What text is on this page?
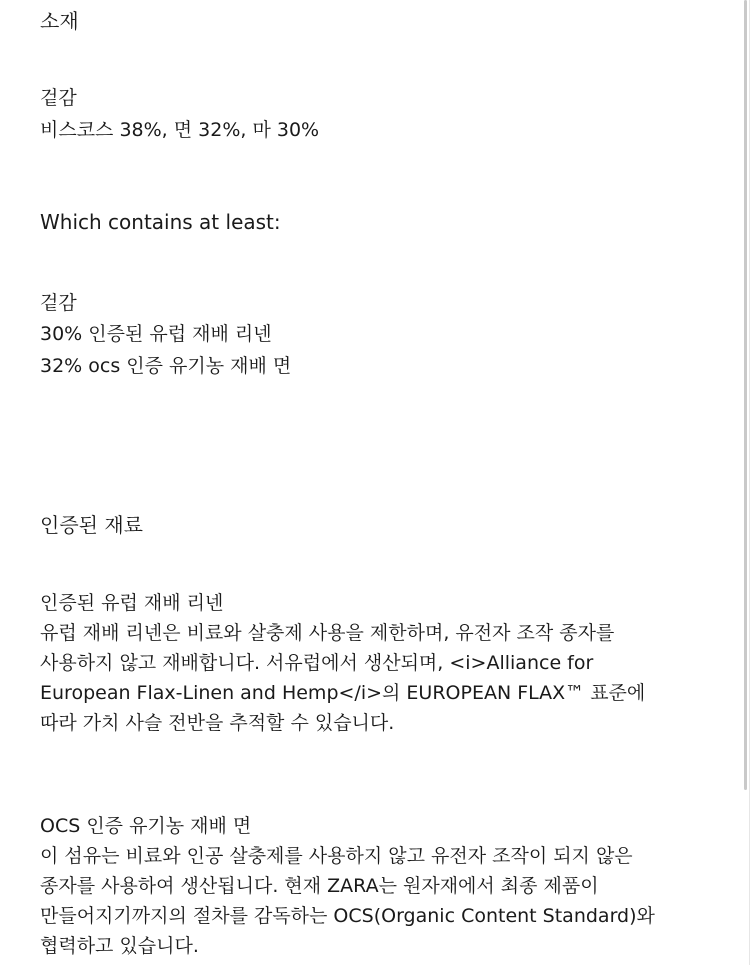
소재

겉감

비스코스 38%, 면 32%, 마 30%

Which contains at least:

겉감

30% 인증된 유럽 재배 리넨

32% ocs 인증 유기농 재배 면

인증된 재료

인증된 유럽 재배 리넨

유럽 재배 리넨은 비료와 살충제 사용을 제한하며, 유전자 조작 종자를

사용하지 않고 재배합니다. 서유럽에서 생산되며, <i>Alliance for

European Flax-Linen and Hemp</i>의 EUROPEAN FLAX™ 표준에

따라 가치 사슬 전반을 추적할 수 있습니다.

OCS 인증 유기농 재배 면

이 섬유는 비료와 인공 살충제를 사용하지 않고 유전자 조작이 되지 않은

종자를 사용하여 생산됩니다. 현재 ZARA는 원자재에서 최종 제품이

만들어지기까지의 절차를 감독하는 OCS(Organic Content Standard)와

협력하고 있습니다.
